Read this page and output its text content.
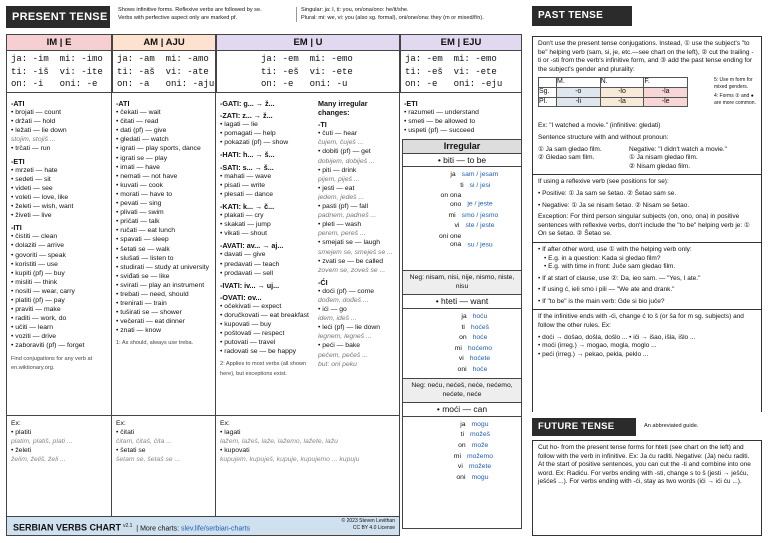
PRESENT TENSE
Shows infinitive forms. Reflexive verbs are followed by se.
Verbs with perfective aspect only are marked pf.
Singular: ja: I, ti: you, on/ona/ono: he/it/she.
Plural: mi: we, vi: you (also sg. formal), oni/one/ona: they (m or mixed/f/n).
IM | E	AM | AJU	EM | U	EM | EJU
ja: -im  mi: -imo
ti: -iš  vi: -ite
on: -i   oni: -e
ja: -am  mi: -amo
ti: -aš  vi: -ate
on: -a   oni: -aju
ja: -em  mi: -emo
ti: -eš  vi: -ete
on: -e   oni: -u
ja: -em  mi: -emo
ti: -eš  vi: -ete
on: -e   oni: -eju
-ATI
• brojati — count
• držati — hold
• ležati — lie down
stojim, stojiš ...
• trčati — run
-ETI
• mrzeti — hate
• sedeti — sit
• videti — see
• voleti — love, like
• želeti — wish, want
• živeti — live
-ITI
• čistiti — clean
• dolaziti — arrive
• govoriti — speak
• koristiti — use
• kupiti (pf) — buy
• misliti — think
• nositi — wear, carry
• platiti (pf) — pay
• praviti — make
• raditi — work, do
• učiti — learn
• voziti — drive
• zaboraviti (pf) — forget
Find conjugations for any verb at en.wiktionary.org.
-ATI
• čekati — wait
• čitati — read
• dati (pf) — give
• gledati — watch
• igrati — play sports, dance
• igrati se — play
• imati — have
• nemati — not have
• kuvati — cook
• morati — have to
• pevati — sing
• plivati — swim
• pričati — talk
• ručati — eat lunch
• spavati — sleep
• šetati se — walk
• slušati — listen to
• studirati — study at university
• sviđati se — like
• svirati — play an instrument
• trebati — need, should
• trenirati — train
• tuširati se — shower
• večerati — eat dinner
• znati — know
1: As should, always use treba.
-GATI: g... → ž...
-ZATI: z... → ž...
• lagati — lie
• pomagati — help
• pokazati (pf) — show
-HATI: h... → š...
-SATI: s... → š...
• mahati — wave
• pisati — write
• plesati — dance
-KATI: k... → č...
• plakati — cry
• skakati — jump
• vikati — shout
-AVATI: av... → aj...
• davati — give
• predavati — teach
• prodavati — sell
-IVATI: iv... → uj...
-OVATI: ov...
• očekivati — expect
• doručkovati — eat breakfast
• kupovati — buy
• poštovati — respect
• putovati — travel
• radovati se — be happy
2: Applies to most verbs (all shown here), but exceptions exist.
Many irregular changes:
-TI
• čuti — hear
čujem, čuješ ...
• dobiti (pf) — get
dobijem, dobiješ ...
• piti — drink
pijem, piješ ...
• jesti — eat
jedem, jedeš ...
• pasti (pf) — fall
padnem, padneš ...
• pleti — wash
perem, pereš ...
• smejati se — laugh
smejem se, smeješ se ...
• zvati se — be called
zovem se, zoveš se ...
-ĆI
• doći (pf) — come
dođem, dođeš ...
• ići — go
idem, ideš ...
• leći (pf) — lie down
legnem, legneš ...
• peći — bake
pečem, pečeš ...
but: oni peku
-ETI
• razumeti — understand
• smeti — be allowed to
• uspeti (pf) — succeed
Irregular
• biti — to be
ja sam / jesam
ti si / jesi
on ona ono je / jeste
mi smo / jesmo
vi ste / jeste
oni one ona su / jesu
Neg: nisam, nisi, nije, nismo, niste, nisu
• hteti — want
ja hoću
ti hoćeš
on hoće
mi hoćemo
vi hoćete
oni hoće
Neg: neću, nećeš, neće, nećemo, nećete, neće
• moći — can
ja mogu
ti možeš
on može
mi možemo
vi možete
oni mogu
Ex:
• platiti
platim, platiš, plati ...
• želeti
želim, želiš, želi ...
Ex:
• čitati
čitam, čitaš, čita ...
• šetati se
šetam se, šetaš se ...
Ex:
• lagati
lažem, lažeš, laže, lažemo, lažete, lažu
• kupovati
kupujem, kupuješ, kupuje, kupujemo ... kupuju
SERBIAN VERBS CHART $^{v2.1}$  | More charts: slev.life/serbian-charts
© 2023 Steven Levithan
CC BY 4.0 License
PAST TENSE

Don't use the present tense conjugations. Instead, ① use the subject's "to be" helping verb (sam, si, je, etc.—see chart on the left), ② cut the trailing -ti or -sti from the verb's infinitive form, and ③ add the past tense ending for the subject's gender and plurality:

	M.	N.	F.
Sg.	-o	-lo	-la
Pl.	-li	-la	-le
5: Use m form for mixed genders.
4: Forms ② and ● are more common.

Ex: "I watched a movie." (infinitive: gledati)

Sentence structure with and without pronoun:

① Ja sam gledao film.
② Gledao sam film.
Negative: "I didn't watch a movie."
① Ja nisam gledao film.
② Nisam gledao film.

If using a reflexive verb (see positions for se):

• Positive: ① Ja sam se šetao. ② Šetao sam se.

• Negative: ① Ja se nisam šetao. ② Nisam se šetao.

Exception: For third person singular subjects (on, ono, ona) in positive sentences with reflexive verbs, don't include the "to be" helping verb je: ① On se šetao. ② Šetao se.

• If after other word, use ① with the helping verb only:

• E.g. in a question: Kada si gledao film?

• E.g. with time in front: Juče sam gledao film.

• If at start of clause, use ②: Da, ieo sam. — "Yes, I ate."

• If using ć, ieli smo i pili — "We ate and drank."

• If "to be" is the main verb: Gde si bio juče?

If the infinitive ends with -ći, change ć to š (or ša for m sg. subjects) and follow the other rules. Ex:

• doći → došao, došla, došlo ... • ići → išao, išla, išlo ...

• moći (irreg.) → mogao, mogla, moglo ...

• peći (irreg.) → pekao, pekla, peklo ...

FUTURE TENSE	An abbreviated guide.
Cut ho- from the present tense forms for hteti (see chart on the left) and follow with the verb in infinitive. Ex: Ja ću raditi. Negative: (Ja) neću raditi. At the start of positive sentences, you can cut the -ti and combine into one word. Ex: Radiću. For verbs ending with -sti, change s to š (jesti → ješću, ješćeš ...). For verbs ending with -ći, stay as two words (ići → ići ću ...).
